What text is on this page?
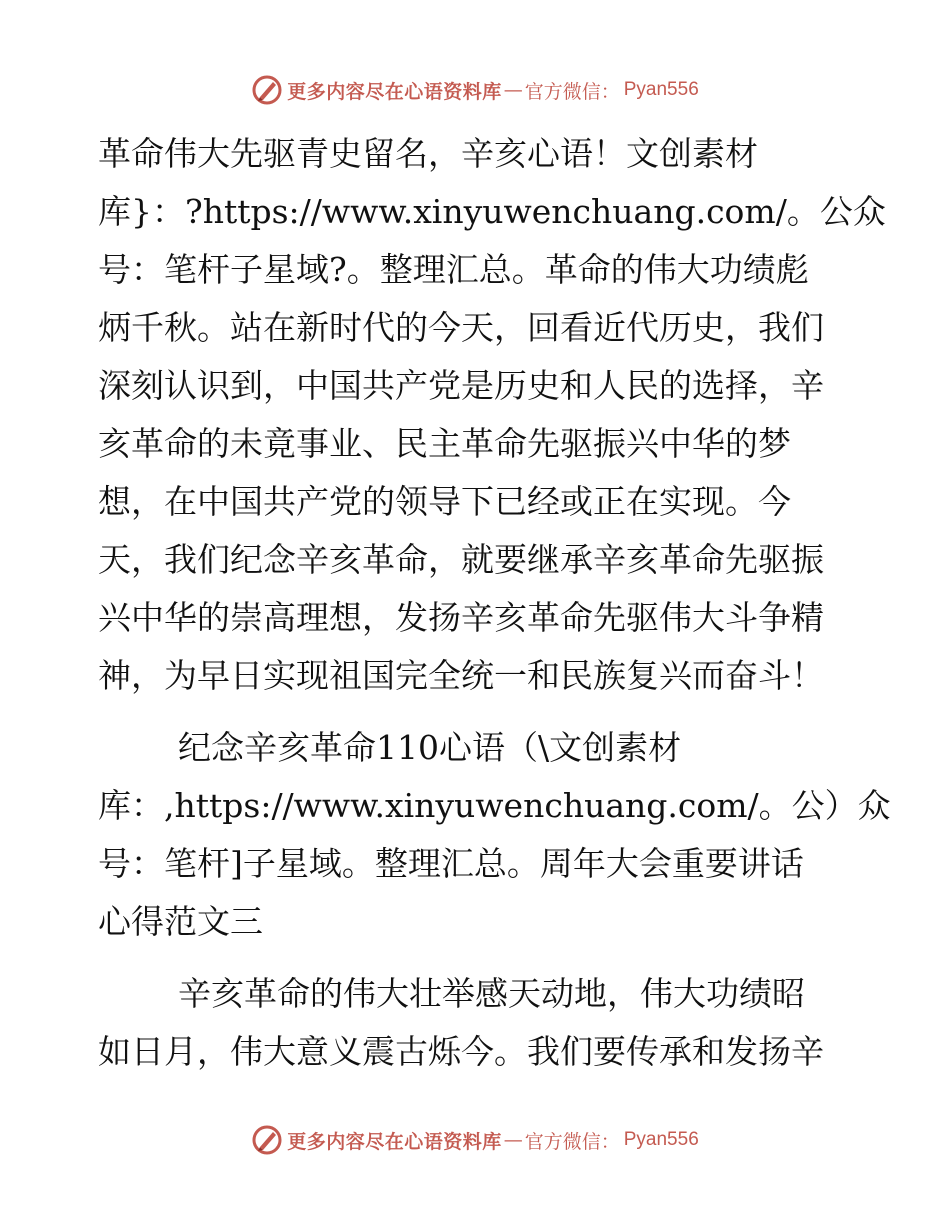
更多内容尽在心语资料库 — 官方微信： Pyan556
革命伟大先驱青史留名，辛亥心语！文创素材
库}：?https://www.xinyuwenchuang.com/。公众
号：笔杆子星域?。整理汇总。革命的伟大功绩彪
炳千秋。站在新时代的今天，回看近代历史，我们
深刻认识到，中国共产党是历史和人民的选择，辛
亥革命的未竟事业、民主革命先驱振兴中华的梦
想，在中国共产党的领导下已经或正在实现。今
天，我们纪念辛亥革命，就要继承辛亥革命先驱振
兴中华的崇高理想，发扬辛亥革命先驱伟大斗争精
神，为早日实现祖国完全统一和民族复兴而奋斗！
纪念辛亥革命110心语（\文创素材
库：,https://www.xinyuwenchuang.com/。公）众
号：笔杆]子星域。整理汇总。周年大会重要讲话
心得范文三
辛亥革命的伟大壮举感天动地，伟大功绩昭
如日月，伟大意义震古烁今。我们要传承和发扬辛
更多内容尽在心语资料库 — 官方微信： Pyan556
